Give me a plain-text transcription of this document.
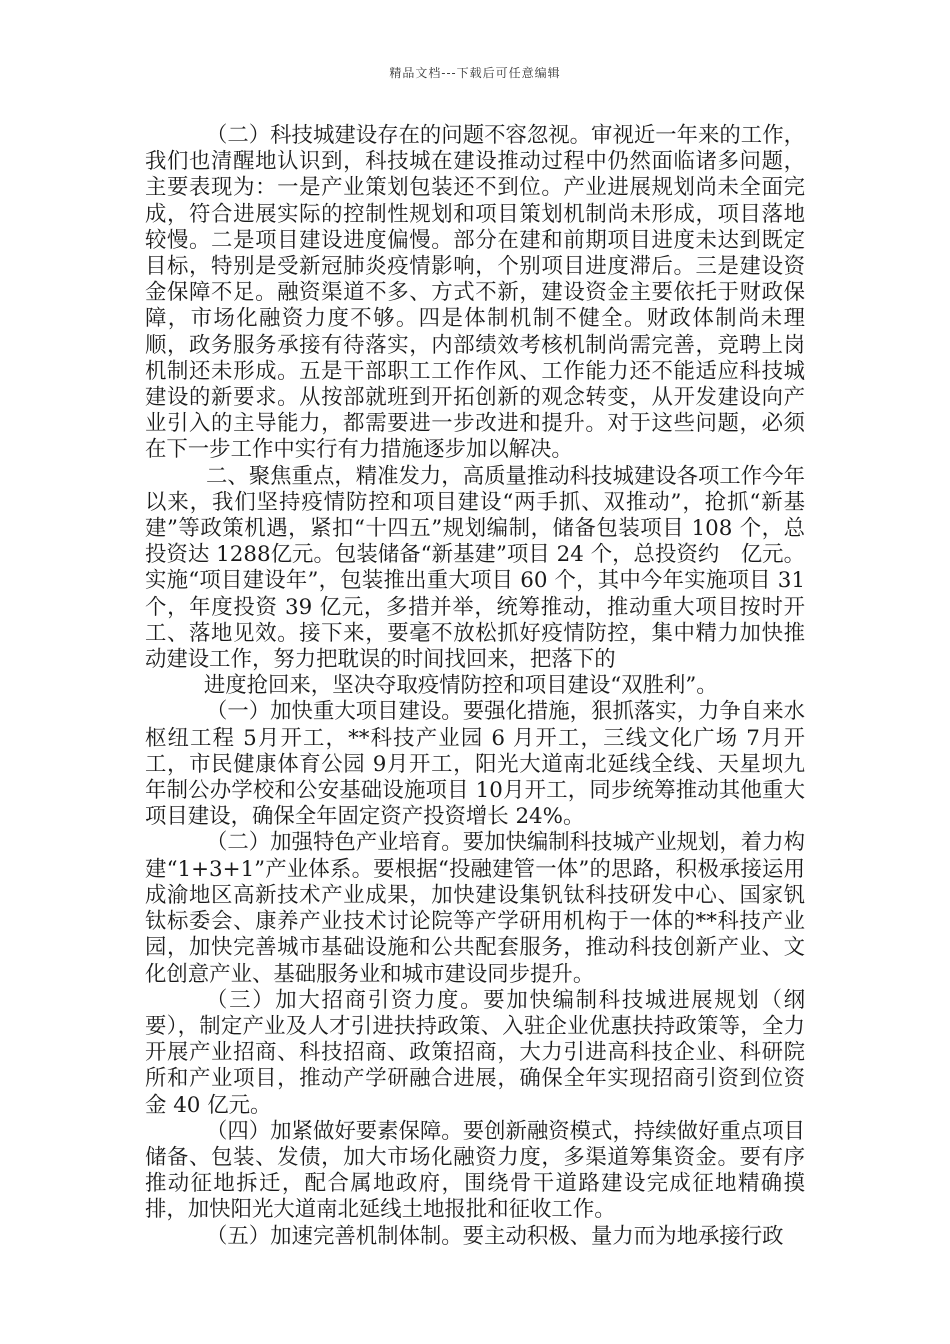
精品文档---下载后可任意编辑

（二）科技城建设存在的问题不容忽视。审视近一年来的工作，我们也清醒地认识到，科技城在建设推动过程中仍然面临诸多问题，主要表现为：一是产业策划包装还不到位。产业进展规划尚未全面完成，符合进展实际的控制性规划和项目策划机制尚未形成，项目落地较慢。二是项目建设进度偏慢。部分在建和前期项目进度未达到既定目标，特别是受新冠肺炎疫情影响，个别项目进度滞后。三是建设资金保障不足。融资渠道不多、方式不新，建设资金主要依托于财政保障，市场化融资力度不够。四是体制机制不健全。财政体制尚未理顺，政务服务承接有待落实，内部绩效考核机制尚需完善，竞聘上岗机制还未形成。五是干部职工工作作风、工作能力还不能适应科技城建设的新要求。从按部就班到开拓创新的观念转变，从开发建设向产业引入的主导能力，都需要进一步改进和提升。对于这些问题，必须在下一步工作中实行有力措施逐步加以解决。

二、聚焦重点，精准发力，高质量推动科技城建设各项工作今年以来，我们坚持疫情防控和项目建设“两手抓、双推动”，抢抓“新基建”等政策机遇，紧扣“十四五”规划编制，储备包装项目 108 个，总投资达 1288亿元。包装储备“新基建”项目 24 个，总投资约　亿元。实施“项目建设年”，包装推出重大项目 60 个，其中今年实施项目 31 个，年度投资 39 亿元，多措并举，统筹推动，推动重大项目按时开工、落地见效。接下来，要毫不放松抓好疫情防控，集中精力加快推动建设工作，努力把耽误的时间找回来，把落下的

进度抢回来，坚决夺取疫情防控和项目建设“双胜利”。

（一）加快重大项目建设。要强化措施，狠抓落实，力争自来水枢纽工程 5月开工，**科技产业园 6 月开工，三线文化广场 7月开工，市民健康体育公园 9月开工，阳光大道南北延线全线、天星坝九年制公办学校和公安基础设施项目 10月开工，同步统筹推动其他重大项目建设，确保全年固定资产投资增长 24%。

（二）加强特色产业培育。要加快编制科技城产业规划，着力构建“1+3+1”产业体系。要根据“投融建管一体”的思路，积极承接运用成渝地区高新技术产业成果，加快建设集钒钛科技研发中心、国家钒钛标委会、康养产业技术讨论院等产学研用机构于一体的**科技产业园，加快完善城市基础设施和公共配套服务，推动科技创新产业、文化创意产业、基础服务业和城市建设同步提升。

（三）加大招商引资力度。要加快编制科技城进展规划（纲要），制定产业及人才引进扶持政策、入驻企业优惠扶持政策等，全力开展产业招商、科技招商、政策招商，大力引进高科技企业、科研院所和产业项目，推动产学研融合进展，确保全年实现招商引资到位资金 40 亿元。

（四）加紧做好要素保障。要创新融资模式，持续做好重点项目储备、包装、发债，加大市场化融资力度，多渠道筹集资金。要有序推动征地拆迁，配合属地政府，围绕骨干道路建设完成征地精确摸排，加快阳光大道南北延线土地报批和征收工作。

（五）加速完善机制体制。要主动积极、量力而为地承接行政
